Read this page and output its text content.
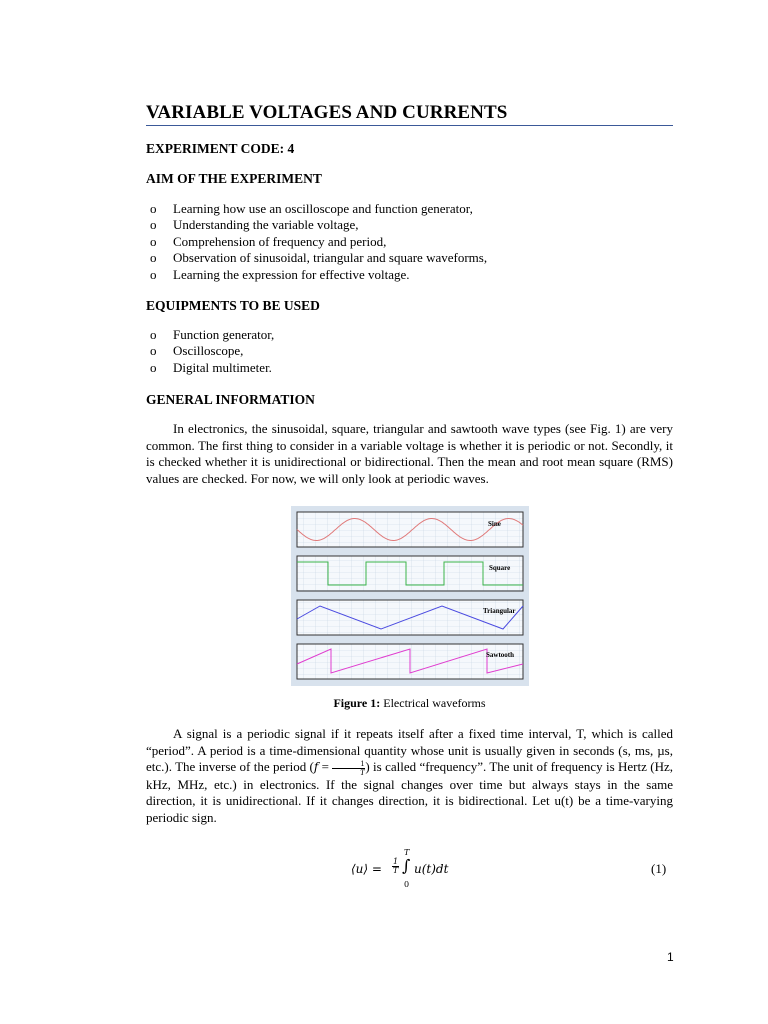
VARIABLE VOLTAGES AND CURRENTS
EXPERIMENT CODE: 4
AIM OF THE EXPERIMENT
o Learning how use an oscilloscope and function generator,
o Understanding the variable voltage,
o Comprehension of frequency and period,
o Observation of sinusoidal, triangular and square waveforms,
o Learning the expression for effective voltage.
EQUIPMENTS TO BE USED
o Function generator,
o Oscilloscope,
o Digital multimeter.
GENERAL INFORMATION

In electronics, the sinusoidal, square, triangular and sawtooth wave types (see Fig. 1) are very common. The first thing to consider in a variable voltage is whether it is periodic or not. Secondly, it is checked whether it is unidirectional or bidirectional. Then the mean and root mean square (RMS) values are checked. For now, we will only look at periodic waves.

Sine
Square
Triangular
Sawtooth
Figure 1: Electrical waveforms

A signal is a periodic signal if it repeats itself after a fixed time interval, T, which is called “period”. A period is a time-dimensional quantity whose unit is usually given in seconds (s, ms, µs, etc.). The inverse of the period ($f = \frac{1}{T}$ ) is called “frequency”. The unit of frequency is Hertz (Hz, kHz, MHz, etc.) in electronics. If the signal changes over time but always stays in the same direction, it is unidirectional. If it changes direction, it is bidirectional. Let u(t) be a time-varying periodic sign.

⟨u⟩ = $\frac{1}{T}$
T
∫
0
u(t)dt	(1)
1
